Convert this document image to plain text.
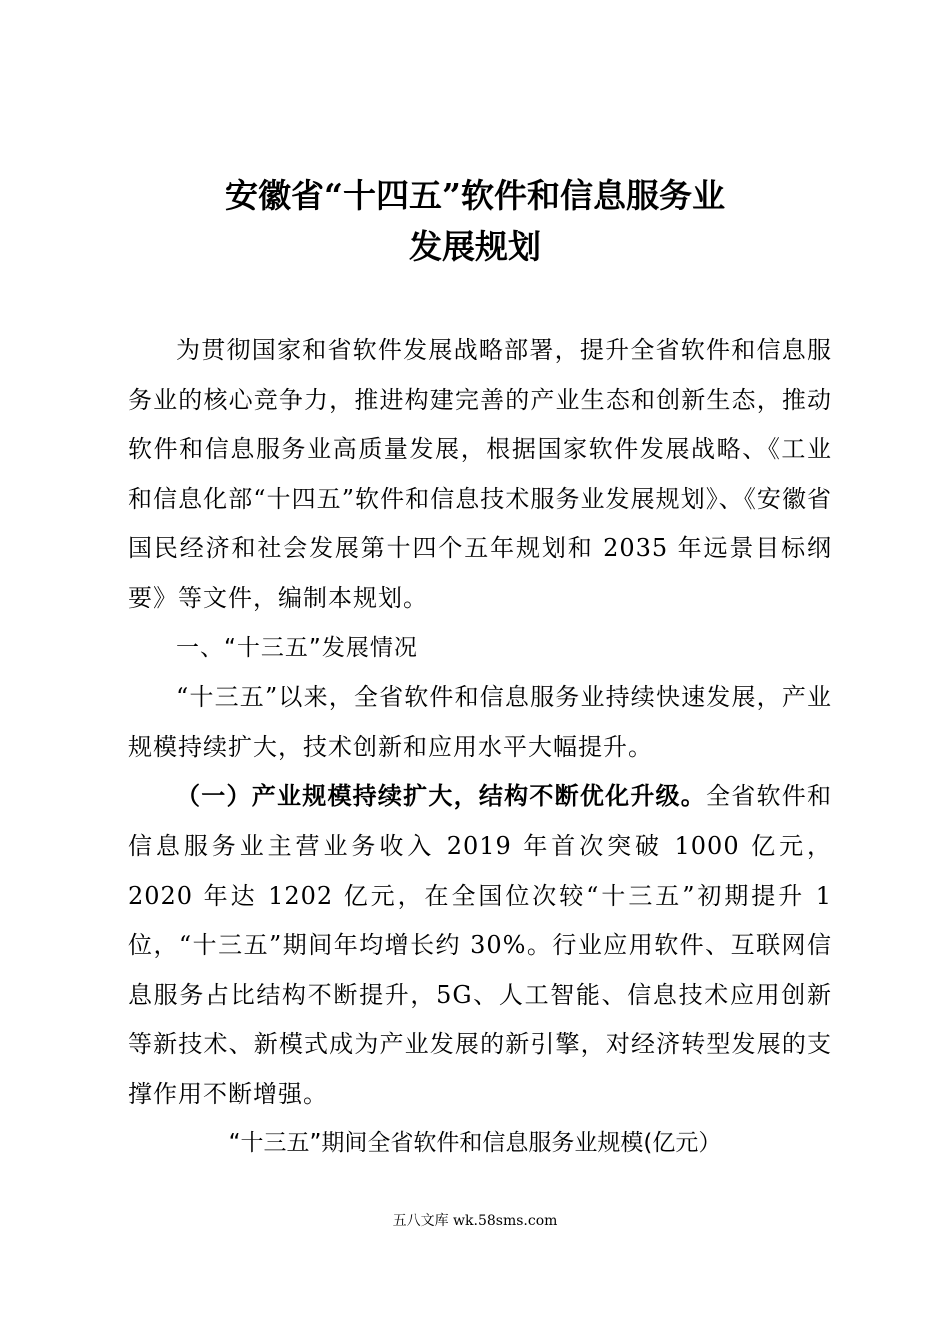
安徽省“十四五”软件和信息服务业
发展规划

为贯彻国家和省软件发展战略部署，提升全省软件和信息服务业的核心竞争力，推进构建完善的产业生态和创新生态，推动软件和信息服务业高质量发展，根据国家软件发展战略、《工业和信息化部“十四五”软件和信息技术服务业发展规划》、《安徽省国民经济和社会发展第十四个五年规划和 2035 年远景目标纲要》等文件，编制本规划。

一、“十三五”发展情况

“十三五”以来，全省软件和信息服务业持续快速发展，产业规模持续扩大，技术创新和应用水平大幅提升。

（一）产业规模持续扩大，结构不断优化升级。全省软件和信息服务业主营业务收入 2019 年首次突破 1000 亿元，2020 年达 1202 亿元，在全国位次较“十三五”初期提升 1 位，“十三五”期间年均增长约 30%。行业应用软件、互联网信息服务占比结构不断提升，5G、人工智能、信息技术应用创新等新技术、新模式成为产业发展的新引擎，对经济转型发展的支撑作用不断增强。

“十三五”期间全省软件和信息服务业规模(亿元）

五八文库 wk.58sms.com
